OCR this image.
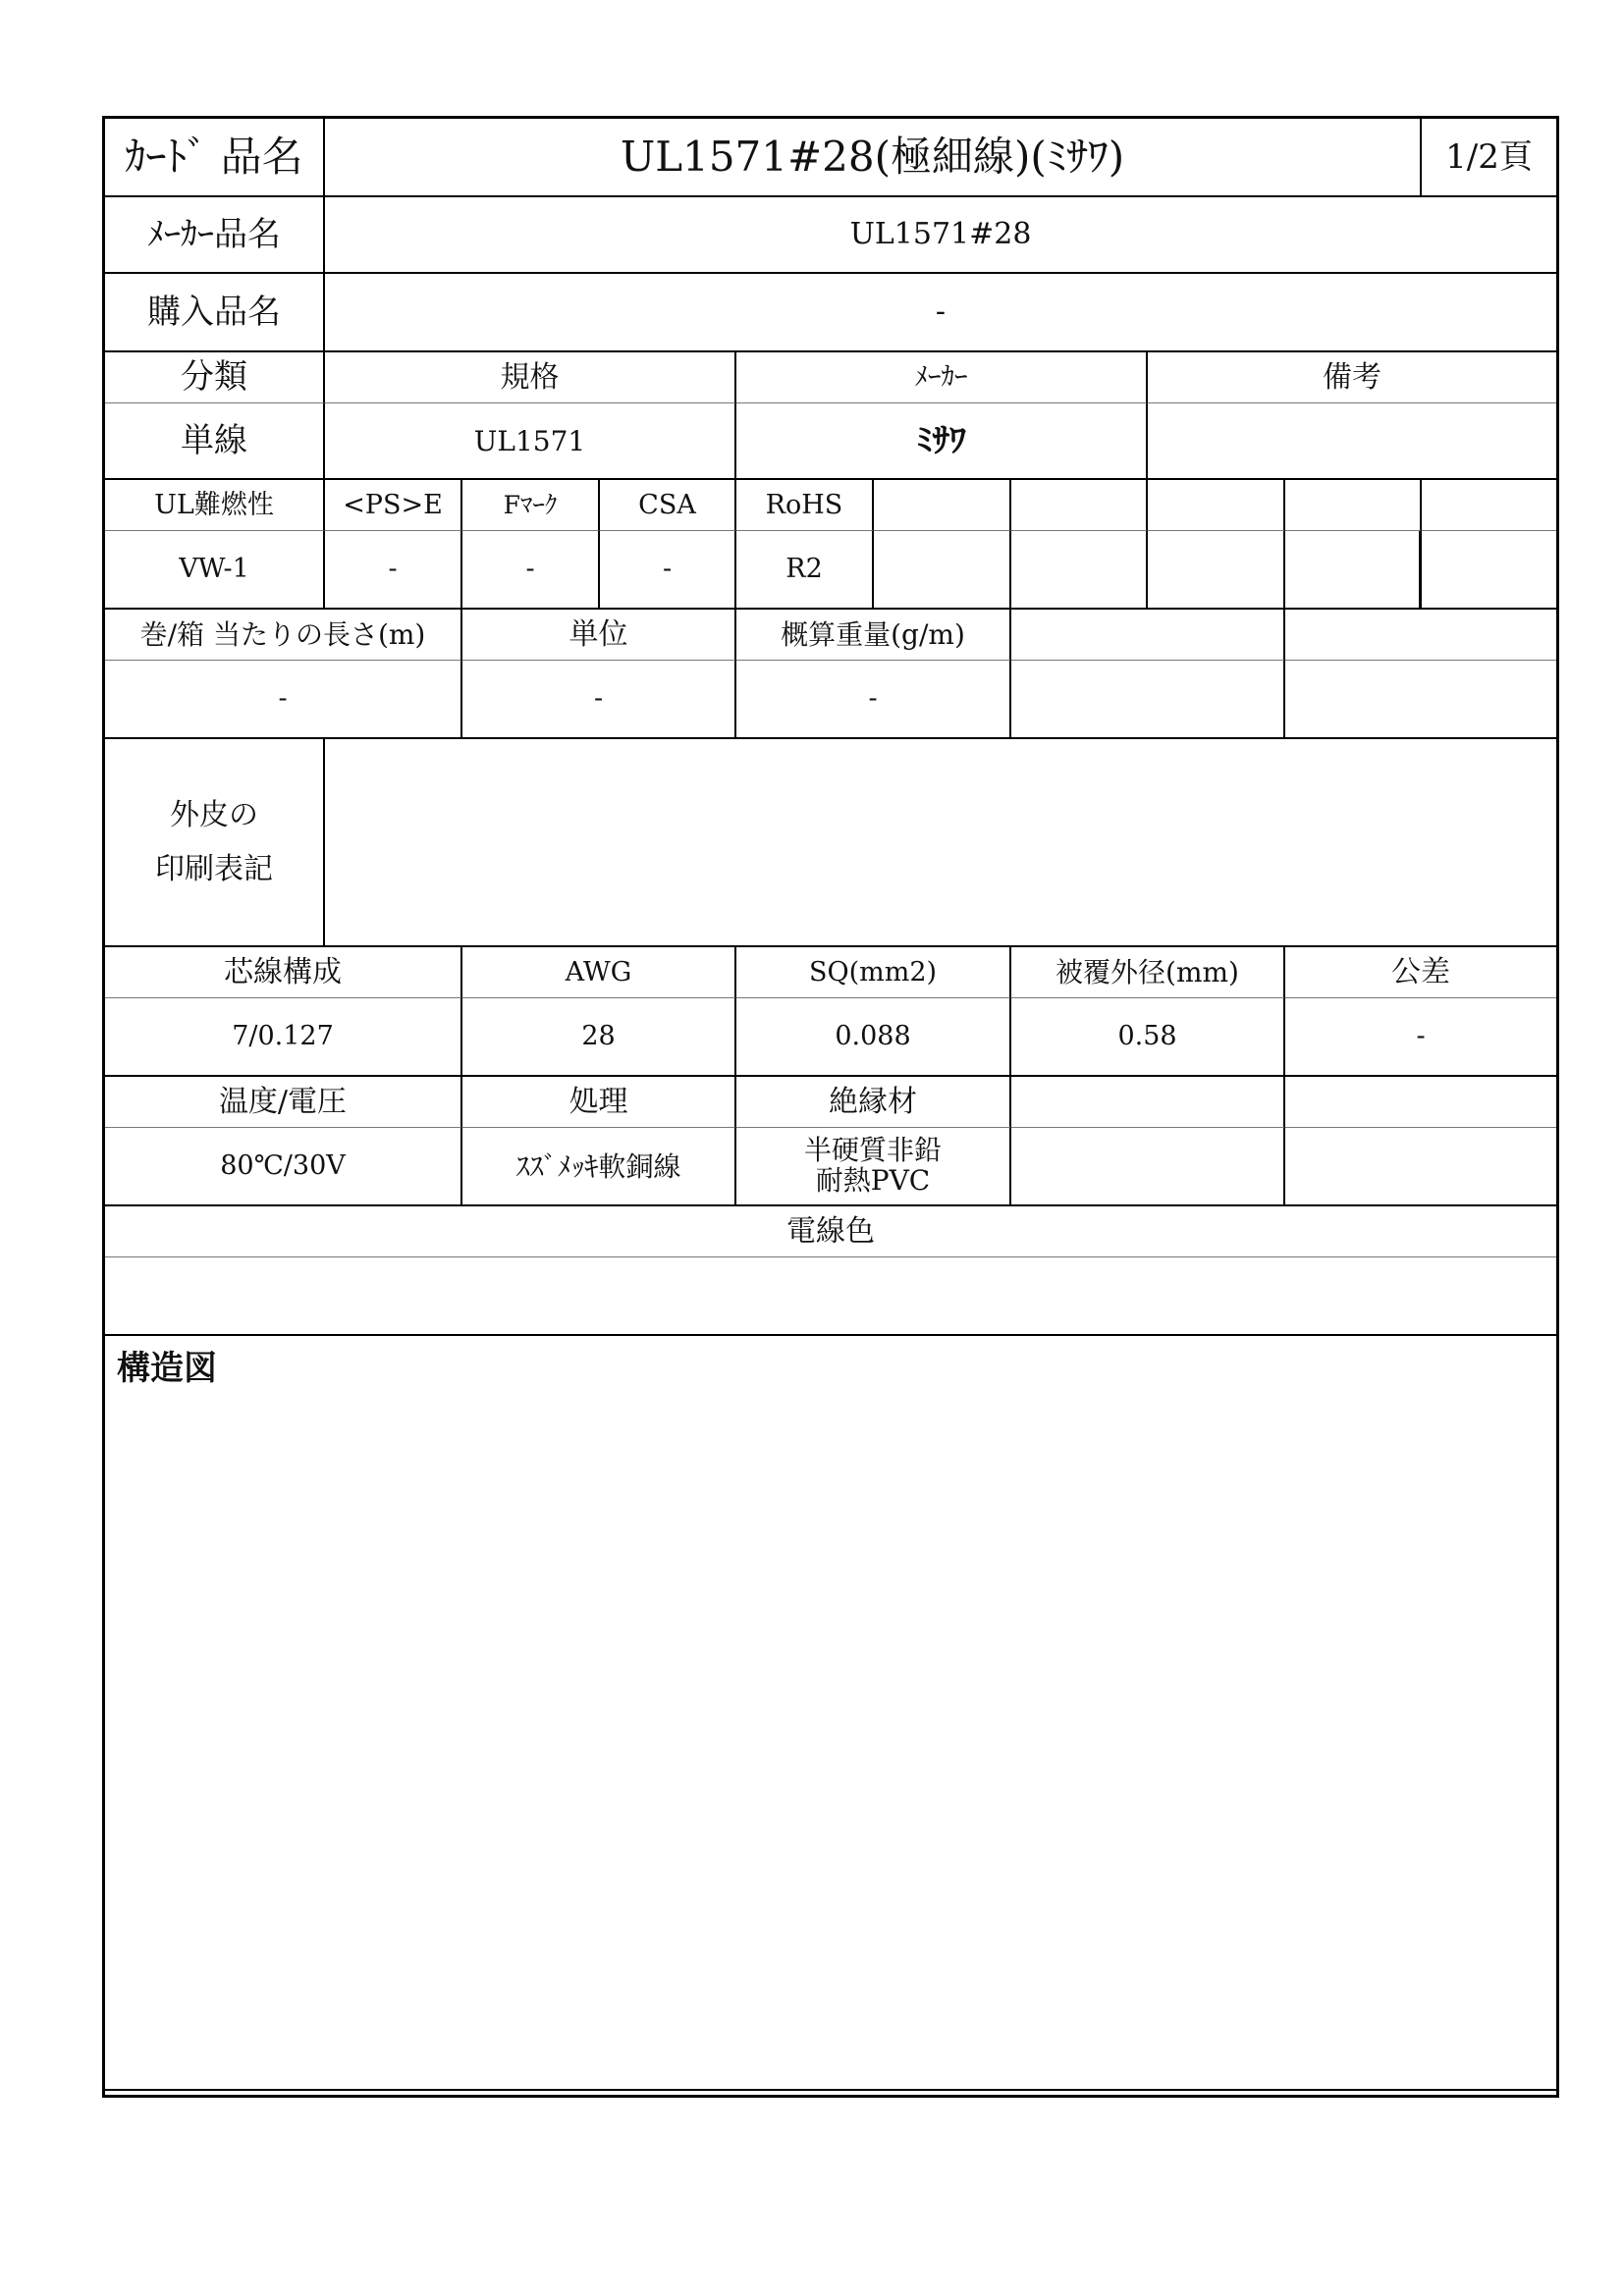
ｶｰﾄﾞ 品名	UL1571#28(極細線)(ﾐｻﾜ)	1/2頁
ﾒｰｶｰ品名	UL1571#28
購入品名	-
分類	規格	ﾒｰｶｰ	備考
単線	UL1571	ﾐｻﾜ
UL難燃性	<PS>E	Fﾏｰｸ	CSA	RoHS
VW-1	-	-	-	R2
巻/箱 当たりの長さ(m)	単位	概算重量(g/m)
-	-	-
外皮の
印刷表記
芯線構成	AWG	SQ(mm2)	被覆外径(mm)	公差
7/0.127	28	0.088	0.58	-
温度/電圧	処理	絶縁材
80℃/30V	ｽｽﾞﾒｯｷ軟銅線	半硬質非鉛
耐熱PVC
電線色
構造図
